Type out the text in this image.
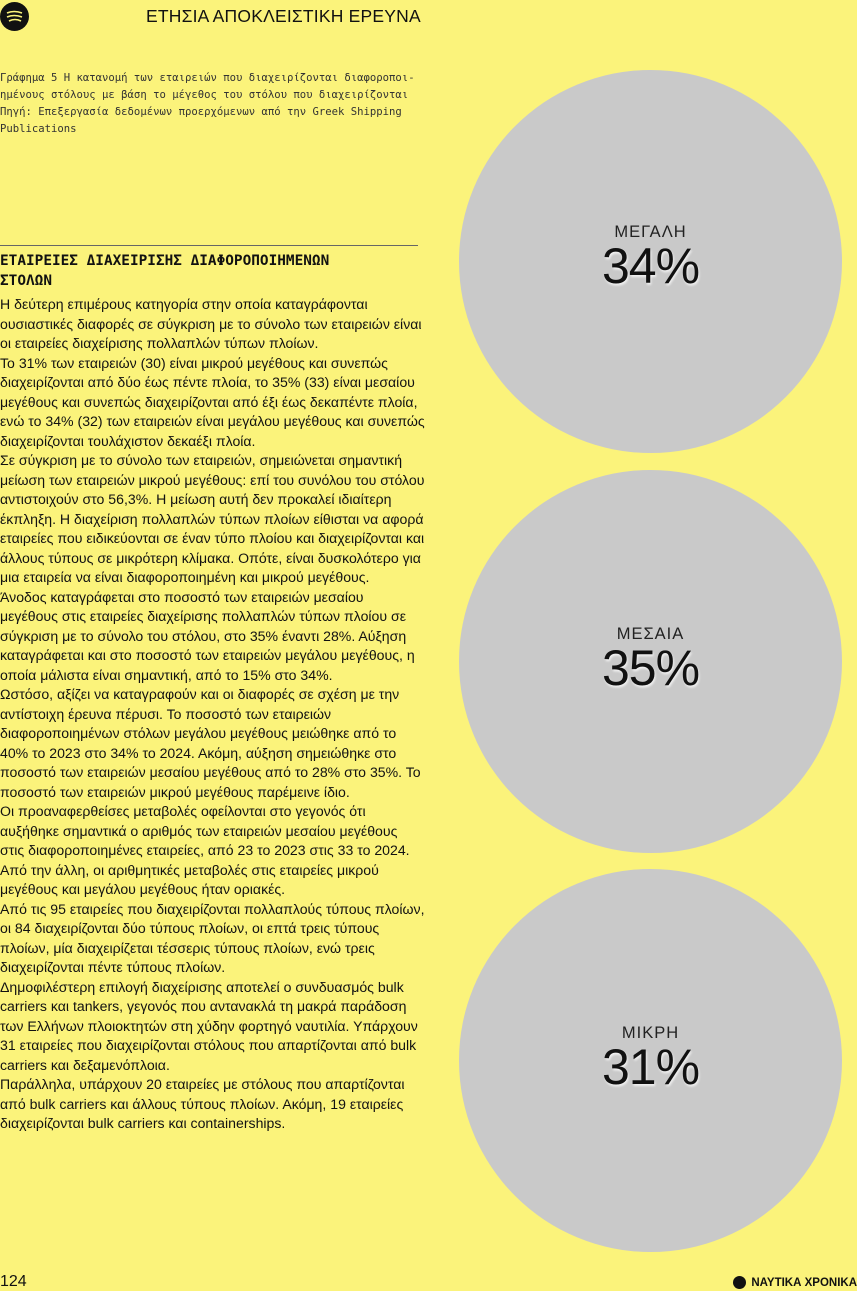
ΕΤΗΣΙΑ ΑΠΟΚΛΕΙΣΤΙΚΗ ΕΡΕΥΝΑ
Γράφημα 5 Η κατανομή των εταιρειών που διαχειρίζονται διαφοροποι-
ημένους στόλους με βάση το μέγεθος του στόλου που διαχειρίζονται
Πηγή: Επεξεργασία δεδομένων προερχόμενων από την Greek Shipping
Publications
ΕΤΑΙΡΕΙΕΣ ΔΙΑΧΕΙΡΙΣΗΣ ΔΙΑΦΟΡΟΠΟΙΗΜΕΝΩΝ
ΣΤΟΛΩΝ

Η δεύτερη επιμέρους κατηγορία στην οποία καταγράφονται ουσιαστικές διαφορές σε σύγκριση με το σύνολο των εταιρειών είναι οι εταιρείες διαχείρισης πολλαπλών τύπων πλοίων.

Το 31% των εταιρειών (30) είναι μικρού μεγέθους και συνεπώς διαχειρίζονται από δύο έως πέντε πλοία, το 35% (33) είναι μεσαίου μεγέθους και συνεπώς διαχειρίζονται από έξι έως δεκαπέντε πλοία, ενώ το 34% (32) των εταιρειών είναι μεγάλου μεγέθους και συνεπώς διαχειρίζονται τουλάχιστον δεκαέξι πλοία.

Σε σύγκριση με το σύνολο των εταιρειών, σημειώνεται σημαντική μείωση των εταιρειών μικρού μεγέθους: επί του συνόλου του στόλου αντιστοιχούν στο 56,3%. Η μείωση αυτή δεν προκαλεί ιδιαίτερη έκπληξη. Η διαχείριση πολλαπλών τύπων πλοίων είθισται να αφορά εταιρείες που ειδικεύονται σε έναν τύπο πλοίου και διαχειρίζονται και άλλους τύπους σε μικρότερη κλίμακα. Οπότε, είναι δυσκολότερο για μια εταιρεία να είναι διαφοροποιημένη και μικρού μεγέθους.

Άνοδος καταγράφεται στο ποσοστό των εταιρειών μεσαίου μεγέθους στις εταιρείες διαχείρισης πολλαπλών τύπων πλοίου σε σύγκριση με το σύνολο του στόλου, στο 35% έναντι 28%. Αύξηση καταγράφεται και στο ποσοστό των εταιρειών μεγάλου μεγέθους, η οποία μάλιστα είναι σημαντική, από το 15% στο 34%.

Ωστόσο, αξίζει να καταγραφούν και οι διαφορές σε σχέση με την αντίστοιχη έρευνα πέρυσι. Το ποσοστό των εταιρειών διαφοροποιημένων στόλων μεγάλου μεγέθους μειώθηκε από το 40% το 2023 στο 34% το 2024. Ακόμη, αύξηση σημειώθηκε στο ποσοστό των εταιρειών μεσαίου μεγέθους από το 28% στο 35%. Το ποσοστό των εταιρειών μικρού μεγέθους παρέμεινε ίδιο.

Οι προαναφερθείσες μεταβολές οφείλονται στο γεγονός ότι αυξήθηκε σημαντικά ο αριθμός των εταιρειών μεσαίου μεγέθους στις διαφοροποιημένες εταιρείες, από 23 το 2023 στις 33 το 2024. Από την άλλη, οι αριθμητικές μεταβολές στις εταιρείες μικρού μεγέθους και μεγάλου μεγέθους ήταν οριακές.

Από τις 95 εταιρείες που διαχειρίζονται πολλαπλούς τύπους πλοίων, οι 84 διαχειρίζονται δύο τύπους πλοίων, οι επτά τρεις τύπους πλοίων, μία διαχειρίζεται τέσσερις τύπους πλοίων, ενώ τρεις διαχειρίζονται πέντε τύπους πλοίων.

Δημοφιλέστερη επιλογή διαχείρισης αποτελεί ο συνδυασμός bulk carriers και tankers, γεγονός που αντανακλά τη μακρά παράδοση των Ελλήνων πλοιοκτητών στη χύδην φορτηγό ναυτιλία. Υπάρχουν 31 εταιρείες που διαχειρίζονται στόλους που απαρτίζονται από bulk carriers και δεξαμενόπλοια.

Παράλληλα, υπάρχουν 20 εταιρείες με στόλους που απαρτίζονται από bulk carriers και άλλους τύπους πλοίων. Ακόμη, 19 εταιρείες διαχειρίζονται bulk carriers και containerships.

ΜΕΓΑΛΗ
34%
ΜΕΣΑΙΑ
35%
ΜΙΚΡΗ
31%
124	ΝΑΥΤΙΚΑ ΧΡΟΝΙΚΑ
